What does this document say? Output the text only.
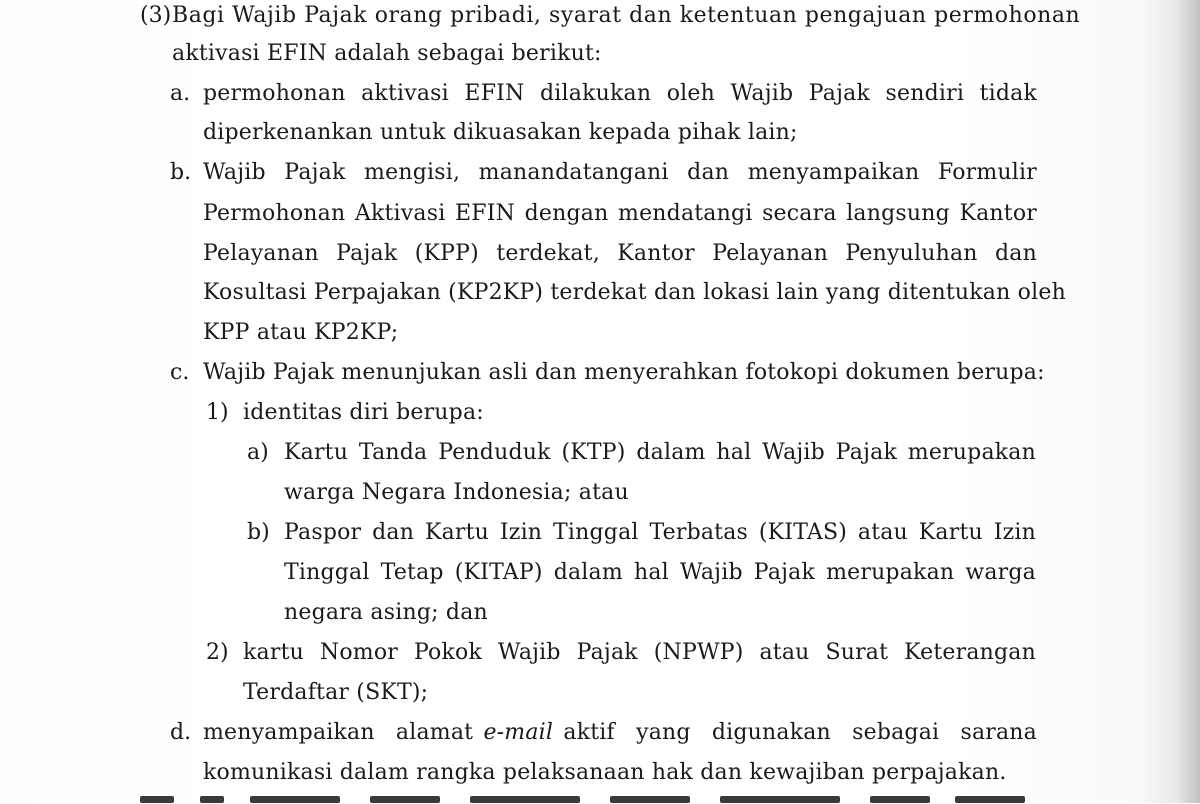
(3) Bagi Wajib Pajak orang pribadi, syarat dan ketentuan pengajuan permohonan
aktivasi EFIN adalah sebagai berikut:
a. permohonan aktivasi EFIN dilakukan oleh Wajib Pajak sendiri tidak
diperkenankan untuk dikuasakan kepada pihak lain;
b. Wajib Pajak mengisi, manandatangani dan menyampaikan Formulir
Permohonan Aktivasi EFIN dengan mendatangi secara langsung Kantor
Pelayanan Pajak (KPP) terdekat, Kantor Pelayanan Penyuluhan dan
Kosultasi Perpajakan (KP2KP) terdekat dan lokasi lain yang ditentukan oleh
KPP atau KP2KP;
c. Wajib Pajak menunjukan asli dan menyerahkan fotokopi dokumen berupa:
1) identitas diri berupa:
a) Kartu Tanda Penduduk (KTP) dalam hal Wajib Pajak merupakan
warga Negara Indonesia; atau
b) Paspor dan Kartu Izin Tinggal Terbatas (KITAS) atau Kartu Izin
Tinggal Tetap (KITAP) dalam hal Wajib Pajak merupakan warga
negara asing; dan
2) kartu Nomor Pokok Wajib Pajak (NPWP) atau Surat Keterangan
Terdaftar (SKT);
d. menyampaikan alamat e-mail aktif yang digunakan sebagai sarana
komunikasi dalam rangka pelaksanaan hak dan kewajiban perpajakan.
